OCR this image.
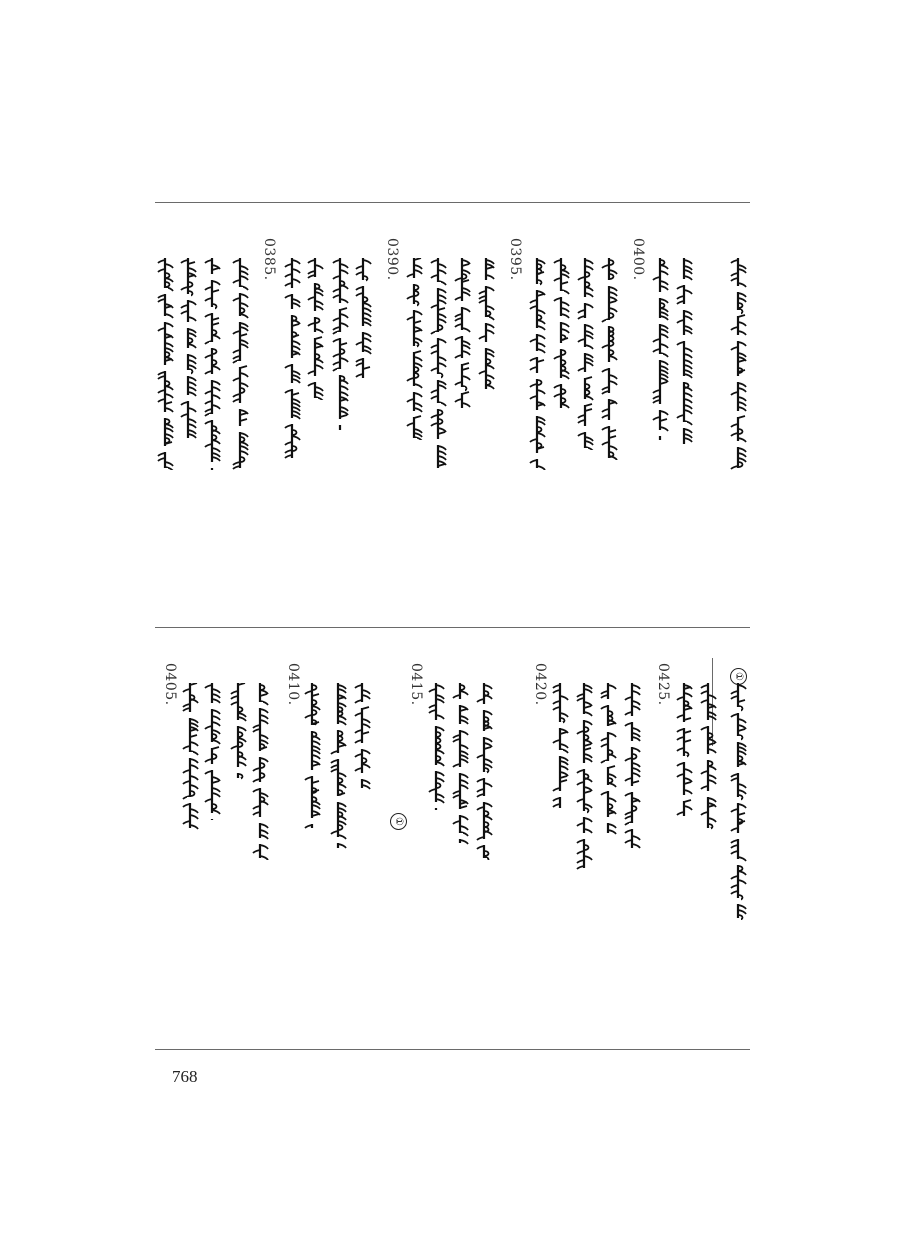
0385.	0390.	0395.	0400.
0405.	0410.	0415.	0420.	0425.	①
①
768
